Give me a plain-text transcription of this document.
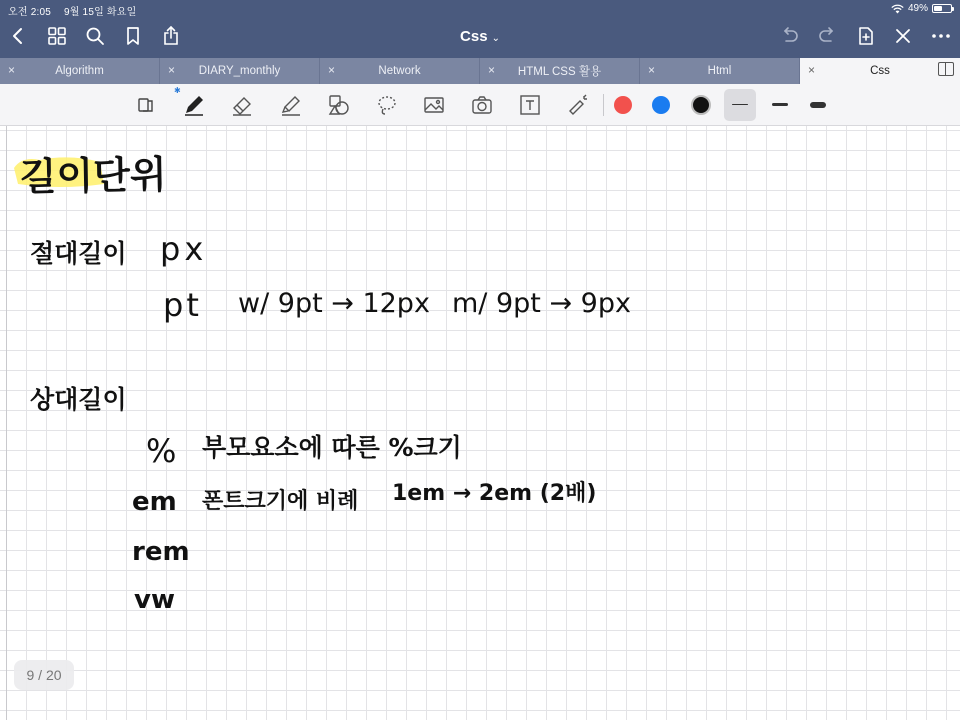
오전 2:05 9월 15일 화요일	49%
Css ⌄
×	Algorithm	× DIARY_monthly	×	Network	× HTML CSS 활용	×	Html	×	Css
✱
길이단위
절대길이 px
pt w/ 9pt → 12px m/ 9pt → 9px
상대길이
% 부모요소에 따른 %크기
em 폰트크기에 비례 1em → 2em (2배)
rem
vw
9 / 20
